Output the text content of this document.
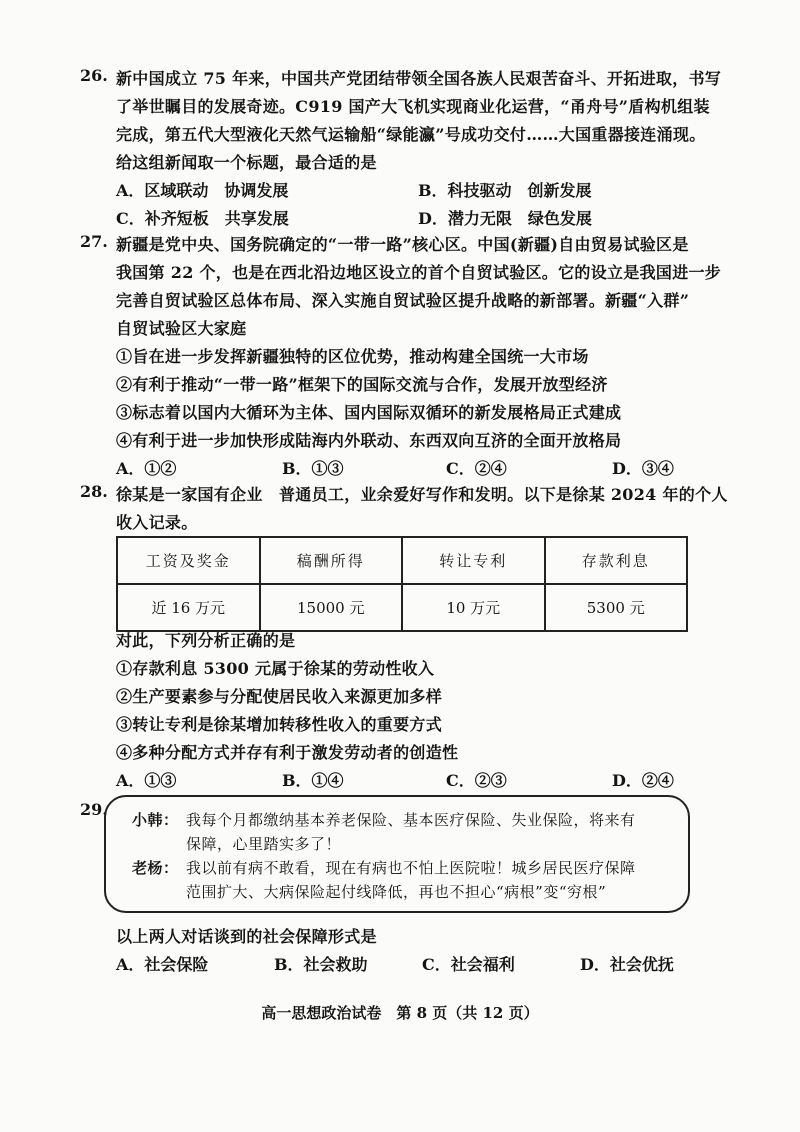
26. 新中国成立 75 年来，中国共产党团结带领全国各族人民艰苦奋斗、开拓进取，书写
了举世瞩目的发展奇迹。C919 国产大飞机实现商业化运营，“甬舟号”盾构机组装
完成，第五代大型液化天然气运输船“绿能瀛”号成功交付……大国重器接连涌现。
给这组新闻取一个标题，最合适的是
A．区域联动　协调发展	B．科技驱动　创新发展
C．补齐短板　共享发展	D．潜力无限　绿色发展
27. 新疆是党中央、国务院确定的“一带一路”核心区。中国(新疆)自由贸易试验区是
我国第 22 个，也是在西北沿边地区设立的首个自贸试验区。它的设立是我国进一步
完善自贸试验区总体布局、深入实施自贸试验区提升战略的新部署。新疆“入群”
自贸试验区大家庭
①旨在进一步发挥新疆独特的区位优势，推动构建全国统一大市场
②有利于推动“一带一路”框架下的国际交流与合作，发展开放型经济
③标志着以国内大循环为主体、国内国际双循环的新发展格局正式建成
④有利于进一步加快形成陆海内外联动、东西双向互济的全面开放格局
A．①②	B．①③	C．②④	D．③④
28. 徐某是一家国有企业　普通员工，业余爱好写作和发明。以下是徐某 2024 年的个人
收入记录。
工资及奖金	稿酬所得	转让专利	存款利息
近 16 万元	15000 元	10 万元	5300 元
对此，下列分析正确的是
①存款利息 5300 元属于徐某的劳动性收入
②生产要素参与分配使居民收入来源更加多样
③转让专利是徐某增加转移性收入的重要方式
④多种分配方式并存有利于激发劳动者的创造性
A．①③	B．①④	C．②③	D．②④
29.
小韩： 我每个月都缴纳基本养老保险、基本医疗保险、失业保险，将来有
保障，心里踏实多了！
老杨： 我以前有病不敢看，现在有病也不怕上医院啦！城乡居民医疗保障
范围扩大、大病保险起付线降低，再也不担心“病根”变“穷根”
以上两人对话谈到的社会保障形式是
A．社会保险	B．社会救助	C．社会福利	D．社会优抚
高一思想政治试卷　第 8 页（共 12 页）
